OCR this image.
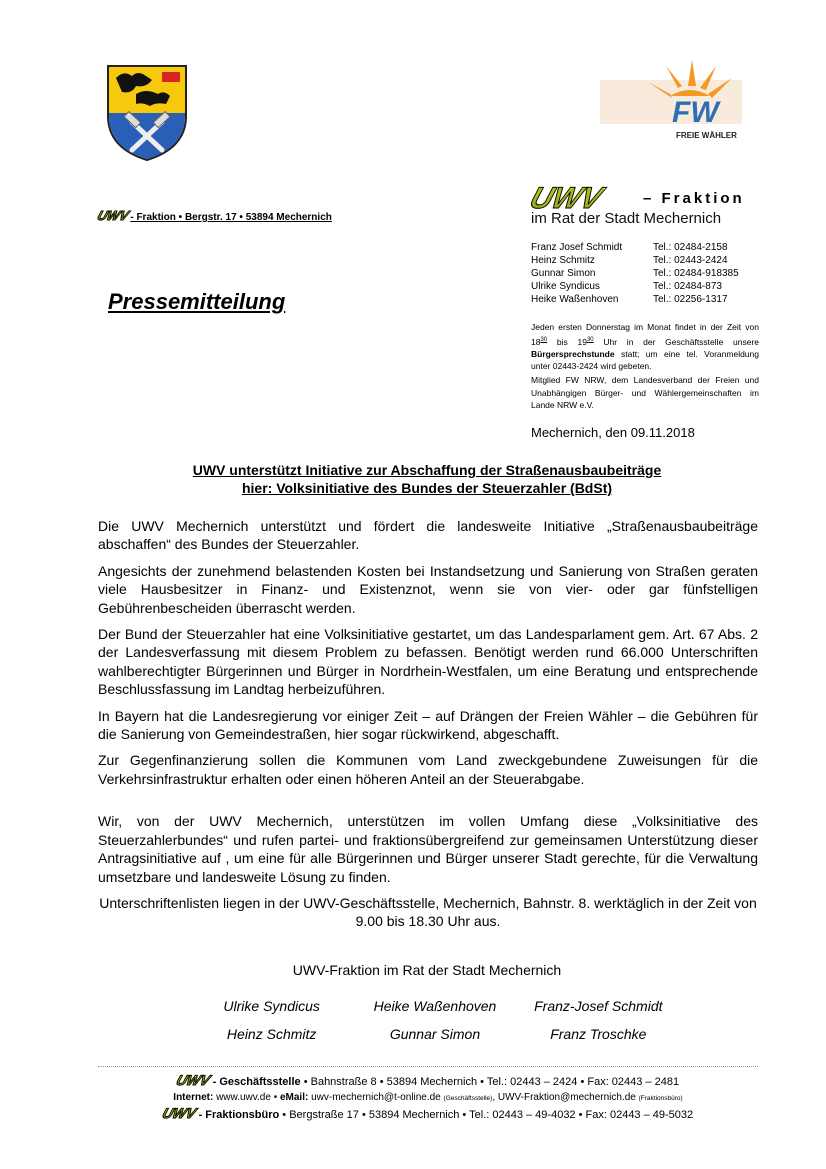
FW
FREIE WÄHLER
UWV- Fraktion • Bergstr. 17 • 53894 Mechernich
UWV – Fraktion
im Rat der Stadt Mechernich
Franz Josef Schmidt	Tel.: 02484-2158
Heinz Schmitz	Tel.: 02443-2424
Gunnar Simon	Tel.: 02484-918385
Ulrike Syndicus	Tel.: 02484-873
Heike Waßenhoven	Tel.: 02256-1317
Jeden ersten Donnerstag im Monat findet in der Zeit von $18^{30}$ bis $19^{30}$ Uhr in der Geschäftsstelle unsere Bürgersprechstunde statt; um eine tel. Voranmeldung unter 02443-2424 wird gebeten.
Mitglied FW NRW, dem Landesverband der Freien und Unabhängigen Bürger- und Wählergemeinschaften im Lande NRW e.V.
Pressemitteilung
Mechernich, den 09.11.2018
UWV unterstützt Initiative zur Abschaffung der Straßenausbaubeiträge
hier: Volksinitiative des Bundes der Steuerzahler (BdSt)

Die UWV Mechernich unterstützt und fördert die landesweite Initiative „Straßenausbaubeiträge abschaffen“ des Bundes der Steuerzahler.

Angesichts der zunehmend belastenden Kosten bei Instandsetzung und Sanierung von Straßen geraten viele Hausbesitzer in Finanz- und Existenznot, wenn sie von vier- oder gar fünfstelligen Gebührenbescheiden überrascht werden.

Der Bund der Steuerzahler hat eine Volksinitiative gestartet, um das Landesparlament gem. Art. 67 Abs. 2 der Landesverfassung mit diesem Problem zu befassen. Benötigt werden rund 66.000 Unterschriften wahlberechtigter Bürgerinnen und Bürger in Nordrhein-Westfalen, um eine Beratung und entsprechende Beschlussfassung im Landtag herbeizuführen.

In Bayern hat die Landesregierung vor einiger Zeit – auf Drängen der Freien Wähler – die Gebühren für die Sanierung von Gemeindestraßen, hier sogar rückwirkend, abgeschafft.

Zur Gegenfinanzierung sollen die Kommunen vom Land zweckgebundene Zuweisungen für die Verkehrsinfrastruktur erhalten oder einen höheren Anteil an der Steuerabgabe.

Wir, von der UWV Mechernich, unterstützen im vollen Umfang diese „Volksinitiative des Steuerzahlerbundes“ und rufen partei- und fraktionsübergreifend zur gemeinsamen Unterstützung dieser Antragsinitiative auf , um eine für alle Bürgerinnen und Bürger unserer Stadt gerechte, für die Verwaltung umsetzbare und landesweite Lösung zu finden.

Unterschriftenlisten liegen in der UWV-Geschäftsstelle, Mechernich, Bahnstr. 8. werktäglich in der Zeit von 9.00 bis 18.30 Uhr aus.

UWV-Fraktion im Rat der Stadt Mechernich
Ulrike Syndicus	Heike Waßenhoven	Franz-Josef Schmidt
Heinz Schmitz	Gunnar Simon	Franz Troschke
UWV - Geschäftsstelle • Bahnstraße 8 • 53894 Mechernich • Tel.: 02443 – 2424 • Fax: 02443 – 2481
Internet: www.uwv.de • eMail: uwv-mechernich@t-online.de (Geschäftsstelle), UWV-Fraktion@mechernich.de (Fraktionsbüro)
UWV - Fraktionsbüro • Bergstraße 17 • 53894 Mechernich • Tel.: 02443 – 49-4032 • Fax: 02443 – 49-5032
